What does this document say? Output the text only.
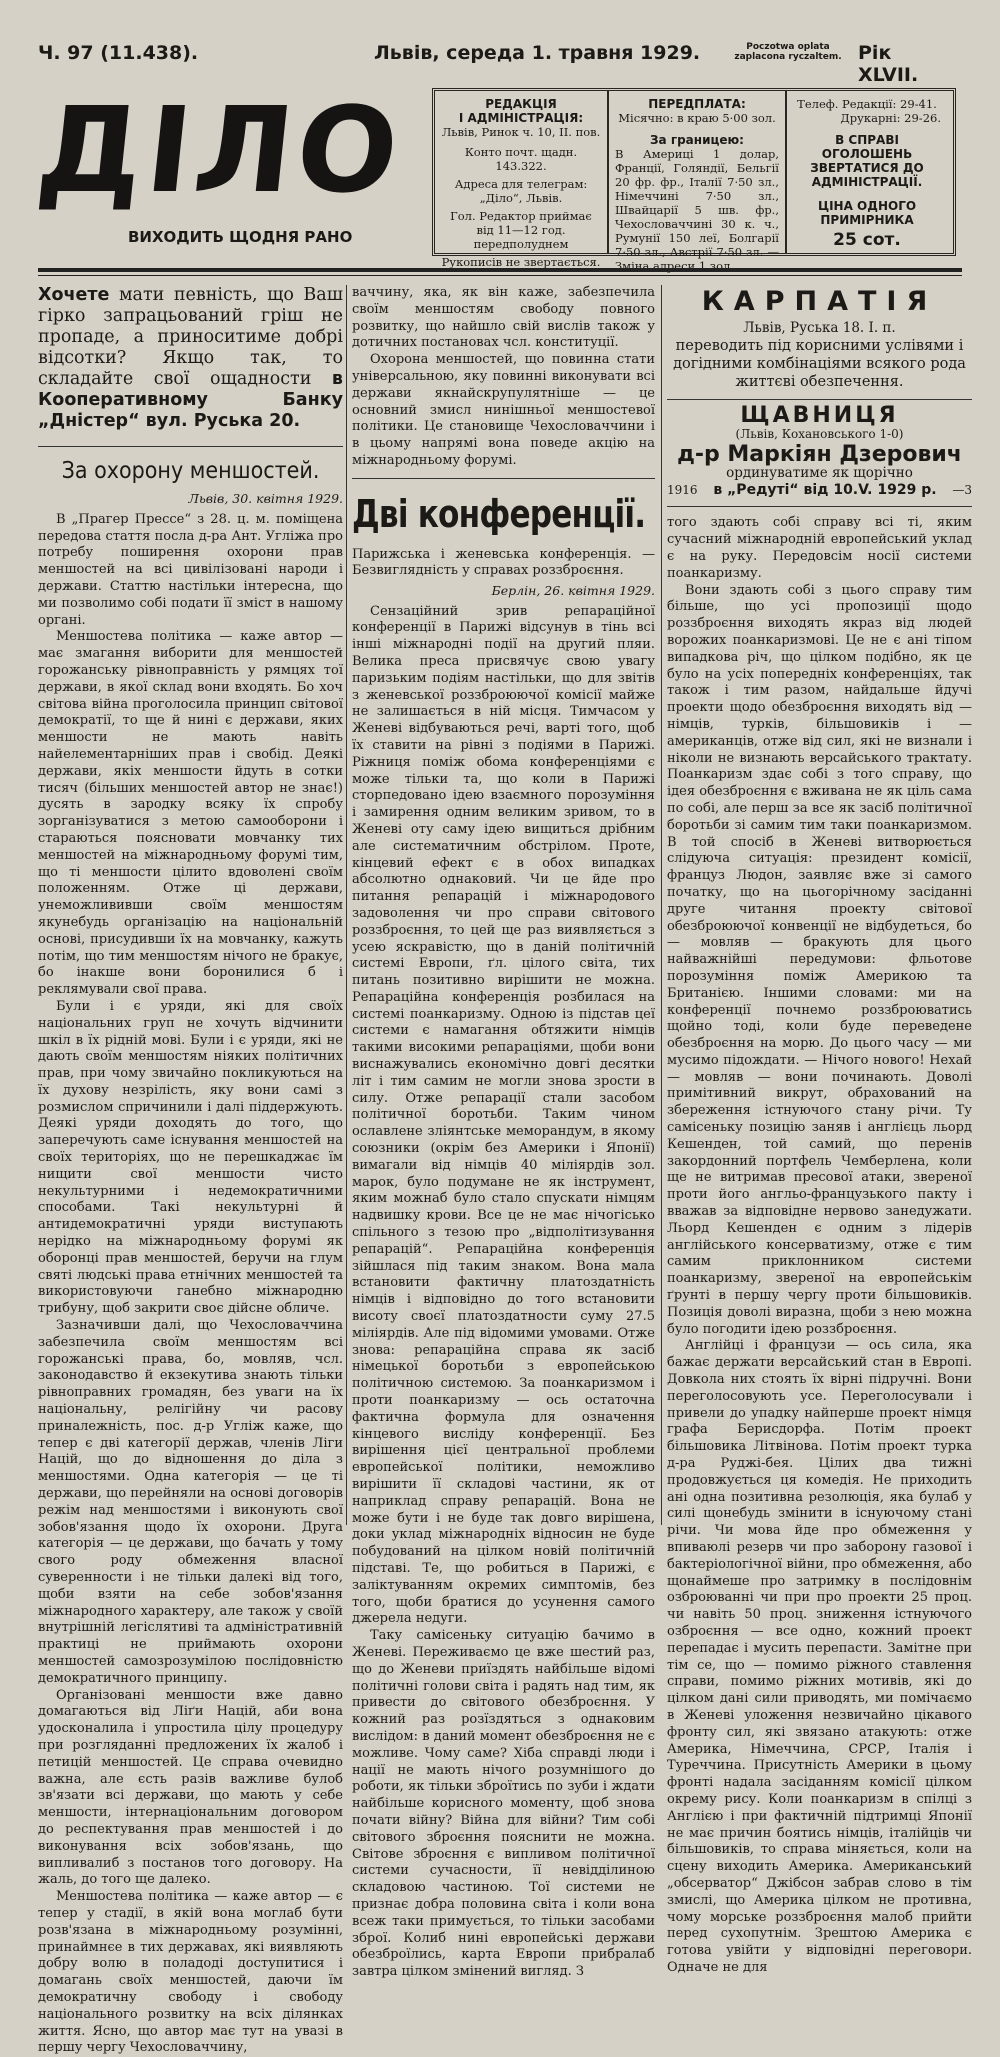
Ч. 97 (11.438).	Львів, середа 1. травня 1929.	Poczotwa oplata
zaplacona ryczaltem. Рік XLVII.
ДІЛО
ВИХОДИТЬ ЩОДНЯ РАНО
РЕДАКЦІЯ
І АДМІНІСТРАЦІЯ:
Львів, Ринок ч. 10, II. пов.
Конто почт. щадн. 143.322.
Адреса для телеграм:
„Діло“, Львів.
Гол. Редактор приймає від 11—12 год. передполуднем
Рукописів не звертається.
ПЕРЕДПЛАТА:
Місячно: в краю 5·00 зол.
За границею:
В Америці 1 долар, Франції, Голяндії, Бельгії 20 фр. фр., Італії 7·50 зл., Німеччині 7·50 зл., Швайцарії 5 шв. фр., Чехословаччині 30 к. ч., Румунії 150 леї, Болгарії 7·50 зл., Австрії 7·50 зл. — Зміна адреси 1 зол.
Телеф. Редакції: 29-41.
Друкарні: 29-26.
В СПРАВІ ОГОЛОШЕНЬ ЗВЕРТАТИСЯ ДО АДМІНІСТРАЦІЇ.
ЦІНА ОДНОГО ПРИМІРНИКА
25 сот.
Хочете мати певність, що Ваш гірко запрацьований гріш не пропаде, а приноситиме добрі відсотки? Якщо так, то складайте свої ощадности в Кооперативному Банку „Дністер“ вул. Руська 20.
За охорону меншостей.
Львів, 30. квітня 1929.

В „Прагер Прессе“ з 28. ц. м. поміщена передова стаття посла д-ра Ант. Угліжа про потребу поширення охорони прав меншостей на всі цивілізовані народи і держави. Статтю настільки інтересна, що ми позволимо собі подати її зміст в нашому органі.

Меншостева політика — каже автор — має змагання виборити для меншостей горожанську рівноправність у рямцях тої держави, в якої склад вони входять. Бо хоч світова війна проголосила принцип світової демократії, то ще й нині є держави, яких меншости не мають навіть найелементарніших прав і свобід. Деякі держави, якіх меншости йдуть в сотки тисяч (більших меншостей автор не знає!) дусять в зародку всяку їх спробу зорганізуватися з метою самооборони і стараються поясновати мовчанку тих меншостей на міжнародньому форумі тим, що ті меншости цілито вдоволені своїм положенням. Отже ці держави, унеможлививши своїм меншостям якунебудь організацію на національній основі, присудивши їх на мовчанку, кажуть потім, що тим меншостям нічого не бракує, бо інакше вони боронилися б і реклямували свої права.

Були і є уряди, які для своїх національних груп не хочуть відчинити шкіл в їх рідній мові. Були і є уряди, які не дають своїм меншостям ніяких політичних прав, при чому звичайно покликуються на їх духову незрілість, яку вони самі з розмислом спричинили і далі піддержують. Деякі уряди доходять до того, що заперечують саме існування меншостей на своїх територіях, що не перешкаджає їм нищити свої меншости чисто некультурними і недемократичними способами. Такі некультурні й антидемократичні уряди виступають нерідко на міжнародньому форумі як оборонці прав меншостей, беручи на глум святі людські права етнічних меншостей та використовуючи ганебно міжнародню трибуну, щоб закрити своє дійсне обличе.

Зазначивши далі, що Чехословаччина забезпечила своїм меншостям всі горожанські права, бо, мовляв, чсл. законодавство й екзекутива знають тільки рівноправних громадян, без уваги на їх національну, релігійну чи расову приналежність, пос. д-р Угліж каже, що тепер є дві категорії держав, членів Ліги Націй, що до відношення до діла з меншостями. Одна категорія — це ті держави, що перейняли на основі договорів режім над меншостями і виконують свої зобов'язання щодо їх охорони. Друга категорія — це держави, що бачать у тому свого роду обмеження власної суверенности і не тільки далекі від того, щоби взяти на себе зобов'язання міжнародного характеру, але також у своїй внутрішній легіслятиві та адміністративній практиці не приймають охорони меншостей самозрозумілою послідовністю демократичного принципу.

Організовані меншости вже давно домагаються від Ліґи Націй, аби вона удосконалила і упростила цілу процедуру при розгляданні предложених їх жалоб і петицій меншостей. Це справа очевидно важна, але єсть разів важливе булоб зв'язати всі держави, що мають у себе меншости, інтернаціональним договором до респектування прав меншостей і до виконування всіх зобов'язань, що випливалиб з постанов того договору. На жаль, до того ще далеко.

Меншостева політика — каже автор — є тепер у стадії, в якій вона моглаб бути розв'язана в міжнародньому розумінні, принаймнєе в тих державах, які виявляють добру волю в поладоді доступитися і домагань своїх меншостей, даючи їм демократичну свободу і свободу національного розвитку на всіх ділянках життя. Ясно, що автор має тут на увазі в першу чергу Чехословаччину,

ваччину, яка, як він каже, забезпечила своїм меншостям свободу повного розвитку, що найшло свій вислів також у дотичних постановах чсл. конституції.

Охорона меншостей, що повинна стати універсальною, яку повинні виконувати всі держави якнайскрупулятніше — це основний змисл нинішньої меншостевої політики. Це становище Чехословаччини і в цьому напрямі вона поведе акцію на міжнародньому форумі.

Дві конференції.
Парижська і женевська конференція. — Безвиглядність у справах роззброєння.
Берлін, 26. квітня 1929.

Сензаційний зрив репараційної конференції в Парижі відсунув в тінь всі інші міжнародні події на другий пляи. Велика преса присвячує свою увагу паризьким подіям настільки, що для звітів з женевської роззброюючої комісії майже не залишається в ній місця. Тимчасом у Женеві відбуваються речі, варті того, щоб їх ставити на рівні з подіями в Парижі. Ріжниця поміж обома конференціями є може тільки та, що коли в Парижі сторпедовано ідею взаємного порозуміння і замирення одним великим зривом, то в Женеві оту саму ідею вищиться дрібним але систематичним обстрілом. Проте, кінцевий ефект є в обох випадках абсолютно однаковий. Чи це йде про питання репарацій і міжнародового задоволення чи про справи світового роззброєння, то цей ще раз виявляється з усею яскравістю, що в даній політичній системі Европи, ґл. цілого світа, тих питань позитивно вирішити не можна. Репараційна конференція розбилася на системі поанкаризму. Одною із підстав цеї системи є намагання обтяжити німців такими високими репараціями, щоби вони виснажувались економічно довгі десятки літ і тим самим не могли знова зрости в силу. Отже репарації стали засобом політичної боротьби. Таким чином ославлене зліянтське меморандум, в якому союзники (окрім без Америки і Японії) вимагали від німців 40 міліярдів зол. марок, було подумане не як інструмент, яким можнаб було стало спускати німцям надвишку крови. Все це не має нічогісько спільного з тезою про „відполітизування репарацій“. Репараційна конференція зійшлася під таким знаком. Вона мала встановити фактичну платоздатність німців і відповідно до того встановити висоту своєї платоздатности суму 27.5 міліярдів. Але під відомими умовами. Отже знова: репараційна справа як засіб німецької боротьби з европейською політичною системою. За поанкаризмом і проти поанкаризму — ось остаточна фактична формула для означення кінцевого висліду конференції. Без вирішення цієї центральної проблеми европейської політики, неможливо вирішити її складові частини, як от наприклад справу репарацій. Вона не може бути і не буде так довго вирішена, доки уклад міжнародніх відносин не буде побудований на цілком новій політичній підставі. Те, що робиться в Парижі, є заліктуванням окремих симптомів, без того, щоби братися до усунення самого джерела недуги.

Таку самісеньку ситуацію бачимо в Женеві. Переживаємо це вже шестий раз, що до Женеви приїздять найбільше відомі політичні голови світа і радять над тим, як привести до світового обезброєння. У кожний раз розїздяться з однаковим вислідом: в даний момент обезброєння не є можливе. Чому саме? Хіба справді люди і нації не мають нічого розумнішого до роботи, як тільки зброїтись по зуби і ждати найбільше корисного моменту, щоб знова почати війну? Війна для війни? Тим собі світового зброєння пояснити не можна. Світове зброєння є випливом політичної системи сучасности, її невідділиною складовою частиною. Тої системи не признає добра половина світа і коли вона всеж таки примується, то тільки засобами зброї. Колиб нині европейські держави обезброїлись, карта Европи прибралаб завтра цілком змінений вигляд. З

КАРПАТІЯ
Львів, Руська 18. І. п.
переводить під корисними услівями і догідними комбінаціями всякого рода життєві обезпечення.
ЩАВНИЦЯ
(Львів, Кохановського 1-0)
д-р Маркіян Дзерович
ординуватиме як щорічно
1916 в „Редуті“ від 10.V. 1929 р. —3

того здають собі справу всі ті, яким сучасний міжнародній европейський уклад є на руку. Передовсім носії системи поанкаризму.

Вони здають собі з цього справу тим більше, що усі пропозиції щодо роззброєння виходять якраз від людей ворожих поанкаризмові. Це не є ані тіпом випадкова річ, що цілком подібно, як це було на усіх попередніх конференціях, так також і тим разом, найдальше йдучі проекти щодо обезброєння виходять від — німців, турків, більшовиків і — американців, отже від сил, які не визнали і ніколи не визнають версайського трактату. Поанкаризм здає собі з того справу, що ідея обезброєння є вживана не як ціль сама по собі, але перш за все як засіб політичної боротьби зі самим тим таки поанкаризмом. В той спосіб в Женеві витворюється слідуюча ситуація: президент комісії, француз Людон, заявляє вже зі самого початку, що на цьогорічному засіданні друге читання проекту світової обезброюючої конвенції не відбудеться, бо — мовляв — бракують для цього найважнійші передумови: фльотове порозуміння поміж Америкою та Британією. Іншими словами: ми на конференції почнемо роззброюватись щойно тоді, коли буде переведене обезброєння на морю. До цього часу — ми мусимо підождати. — Нічого нового! Нехай — мовляв — вони починають. Доволі примітивний викрут, обрахований на збереження істнуючого стану річи. Ту самісеньку позицію заняв і англієць льорд Кешенден, той самий, що перенів закордонний портфель Чемберлена, коли ще не витримав пресової атаки, звереної проти його англьо-французького пакту і вважав за відповідне нервово занедужати. Льорд Кешенден є одним з лідерів англійського консерватизму, отже є тим самим приклонником системи поанкаризму, звереної на европейськім ґрунті в першу чергу проти більшовиків. Позиція доволі виразна, щоби з нею можна було погодити ідею роззброєння.

Англійці і французи — ось сила, яка бажає держати версайський стан в Европі. Довкола них стоять їх вірні підручні. Вони переголосовують усе. Переголосували і привели до упадку найперше проект німця графа Берисдорфа. Потім проект більшовика Літвінова. Потім проект турка д-ра Руджі-бея. Цілих два тижні продовжується ця комедія. Не приходить ані одна позитивна резолюція, яка булаб у силі щонебудь змінити в існуючому стані річи. Чи мова йде про обмеження у впиваюлі резерв чи про заборону газової і бактеріологічної війни, про обмеження, або щонаймеше про затримку в послідовнім озброюванні чи при про проекти 25 проц. чи навіть 50 проц. зниження істнуючого озброєння — все одно, кожний проект перепадає і мусить перепасти. Замітне при тім се, що — помимо ріжного ставлення справи, помимо ріжних мотивів, які до цілком дані сили приводять, ми помічаємо в Женеві уложення незвичайно цікавого фронту сил, які звязано атакують: отже Америка, Німеччина, СРСР, Італія і Туреччина. Присутність Америки в цьому фронті надала засіданням комісії цілком окрему рису. Коли поанкаризм в спілці з Англією і при фактичній підтримці Японії не має причин боятись німців, італійців чи більшовиків, то справа міняється, коли на сцену виходить Америка. Американський „обсерватор“ Джібсон забрав слово в тім змислі, що Америка цілком не противна, чому морське роззброєння малоб прийти перед сухопутнім. Зрештою Америка є готова увійти у відповідні переговори. Одначе не для
